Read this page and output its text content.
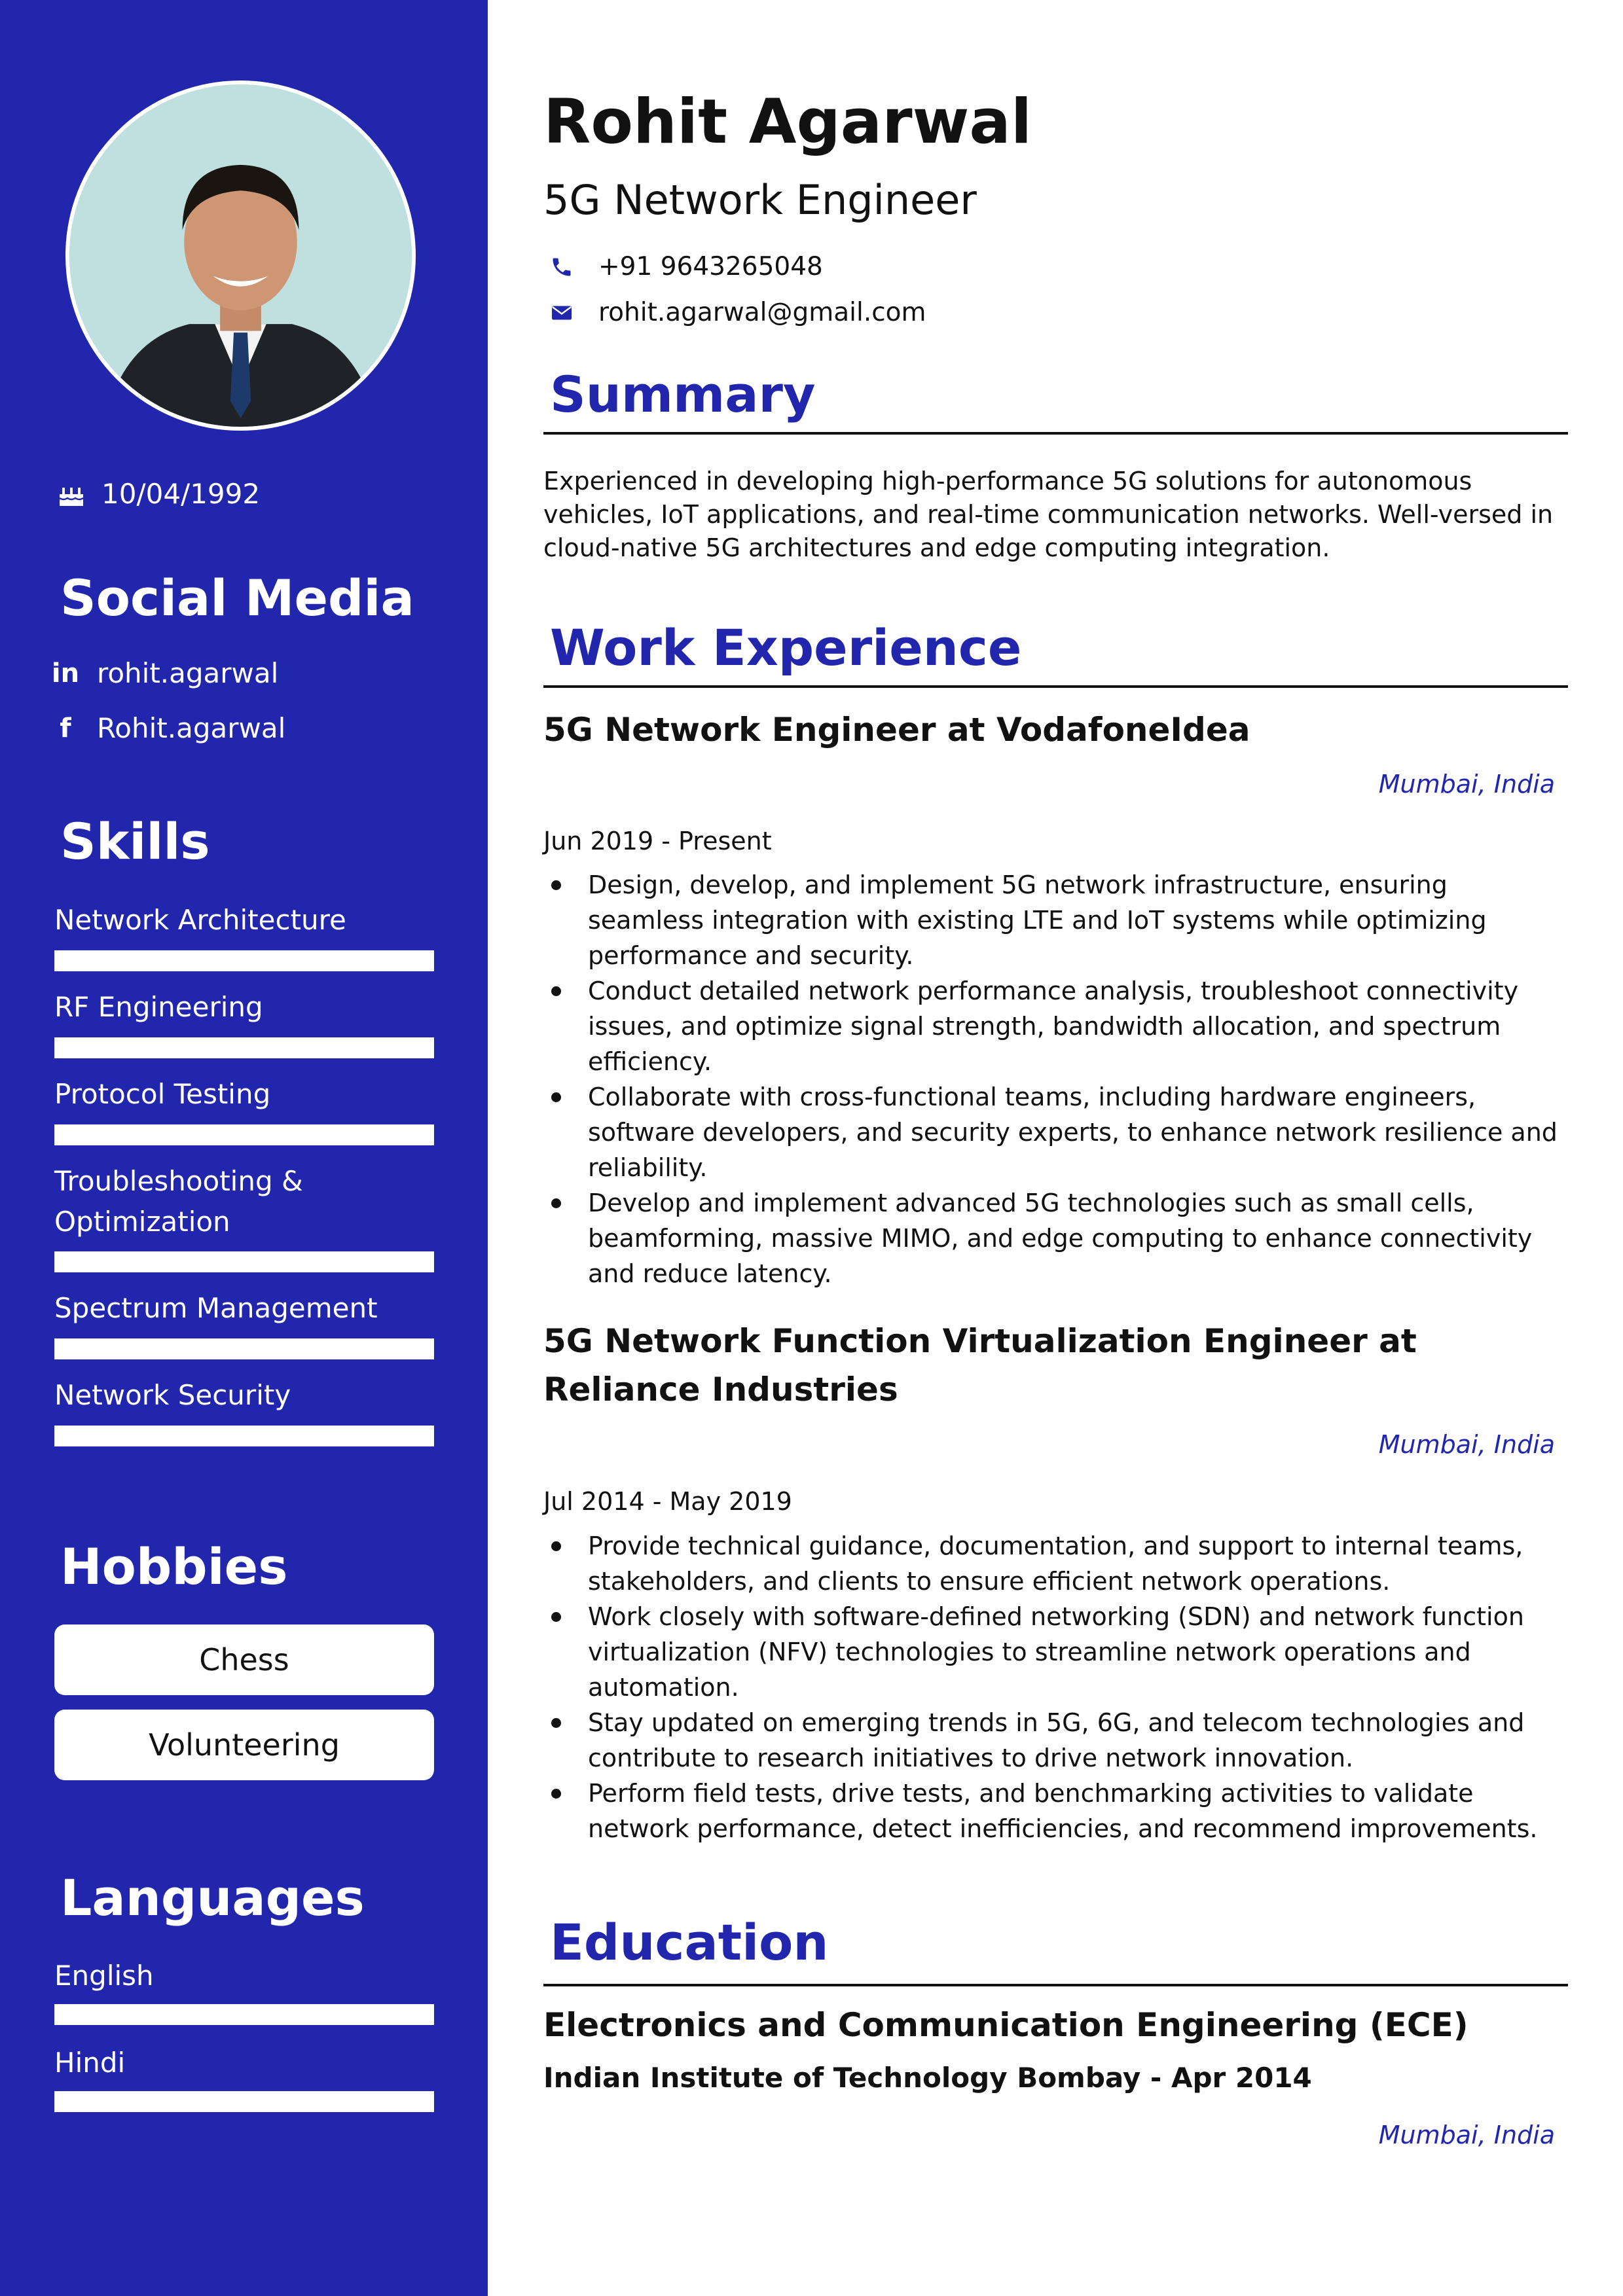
10/04/1992
Social Media
in rohit.agarwal
f Rohit.agarwal
Skills
Network Architecture
RF Engineering
Protocol Testing
Troubleshooting & Optimization
Spectrum Management
Network Security
Hobbies
Chess
Volunteering
Languages
English
Hindi
Rohit Agarwal
5G Network Engineer
+91 9643265048
rohit.agarwal@gmail.com
Summary

Experienced in developing high-performance 5G solutions for autonomous vehicles, IoT applications, and real-time communication networks. Well-versed in cloud-native 5G architectures and edge computing integration.

Work Experience
5G Network Engineer at VodafoneIdea
Mumbai, India
Jun 2019 - Present
Design, develop, and implement 5G network infrastructure, ensuring seamless integration with existing LTE and IoT systems while optimizing performance and security.
Conduct detailed network performance analysis, troubleshoot connectivity issues, and optimize signal strength, bandwidth allocation, and spectrum efficiency.
Collaborate with cross-functional teams, including hardware engineers, software developers, and security experts, to enhance network resilience and reliability.
Develop and implement advanced 5G technologies such as small cells, beamforming, massive MIMO, and edge computing to enhance connectivity and reduce latency.
5G Network Function Virtualization Engineer at Reliance Industries
Mumbai, India
Jul 2014 - May 2019
Provide technical guidance, documentation, and support to internal teams, stakeholders, and clients to ensure efficient network operations.
Work closely with software-defined networking (SDN) and network function virtualization (NFV) technologies to streamline network operations and automation.
Stay updated on emerging trends in 5G, 6G, and telecom technologies and contribute to research initiatives to drive network innovation.
Perform field tests, drive tests, and benchmarking activities to validate network performance, detect inefficiencies, and recommend improvements.
Education
Electronics and Communication Engineering (ECE)
Indian Institute of Technology Bombay - Apr 2014
Mumbai, India
